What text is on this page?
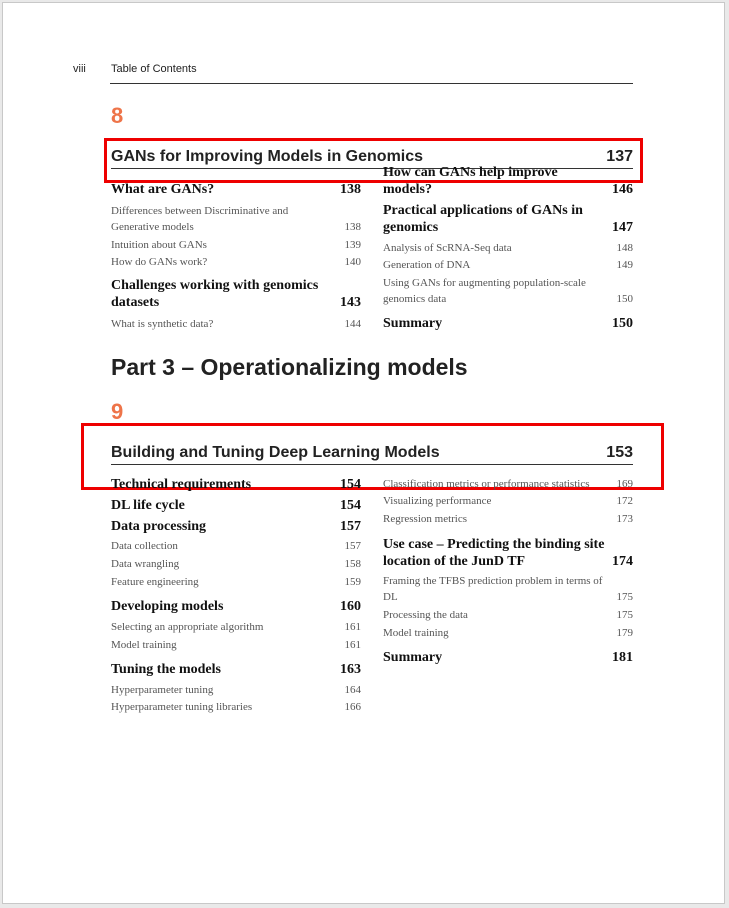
viii Table of Contents
8
GANs for Improving Models in Genomics	137
Part 3 – Operationalizing models
9
Building and Tuning Deep Learning Models	153
What are GANs?	138
Differences between Discriminative and Generative models	138
Intuition about GANs	139
How do GANs work?	140
Challenges working with genomics datasets	143
What is synthetic data?	144
How can GANs help improve models?	146
Practical applications of GANs in genomics	147
Analysis of ScRNA-Seq data	148
Generation of DNA	149
Using GANs for augmenting population-scale genomics data	150
Summary	150
Technical requirements	154
DL life cycle	154
Data processing	157
Data collection	157
Data wrangling	158
Feature engineering	159
Developing models	160
Selecting an appropriate algorithm	161
Model training	161
Tuning the models	163
Hyperparameter tuning	164
Hyperparameter tuning libraries	166
Classification metrics or performance statistics	169
Visualizing performance	172
Regression metrics	173
Use case – Predicting the binding site location of the JunD TF	174
Framing the TFBS prediction problem in terms of DL	175
Processing the data	175
Model training	179
Summary	181
